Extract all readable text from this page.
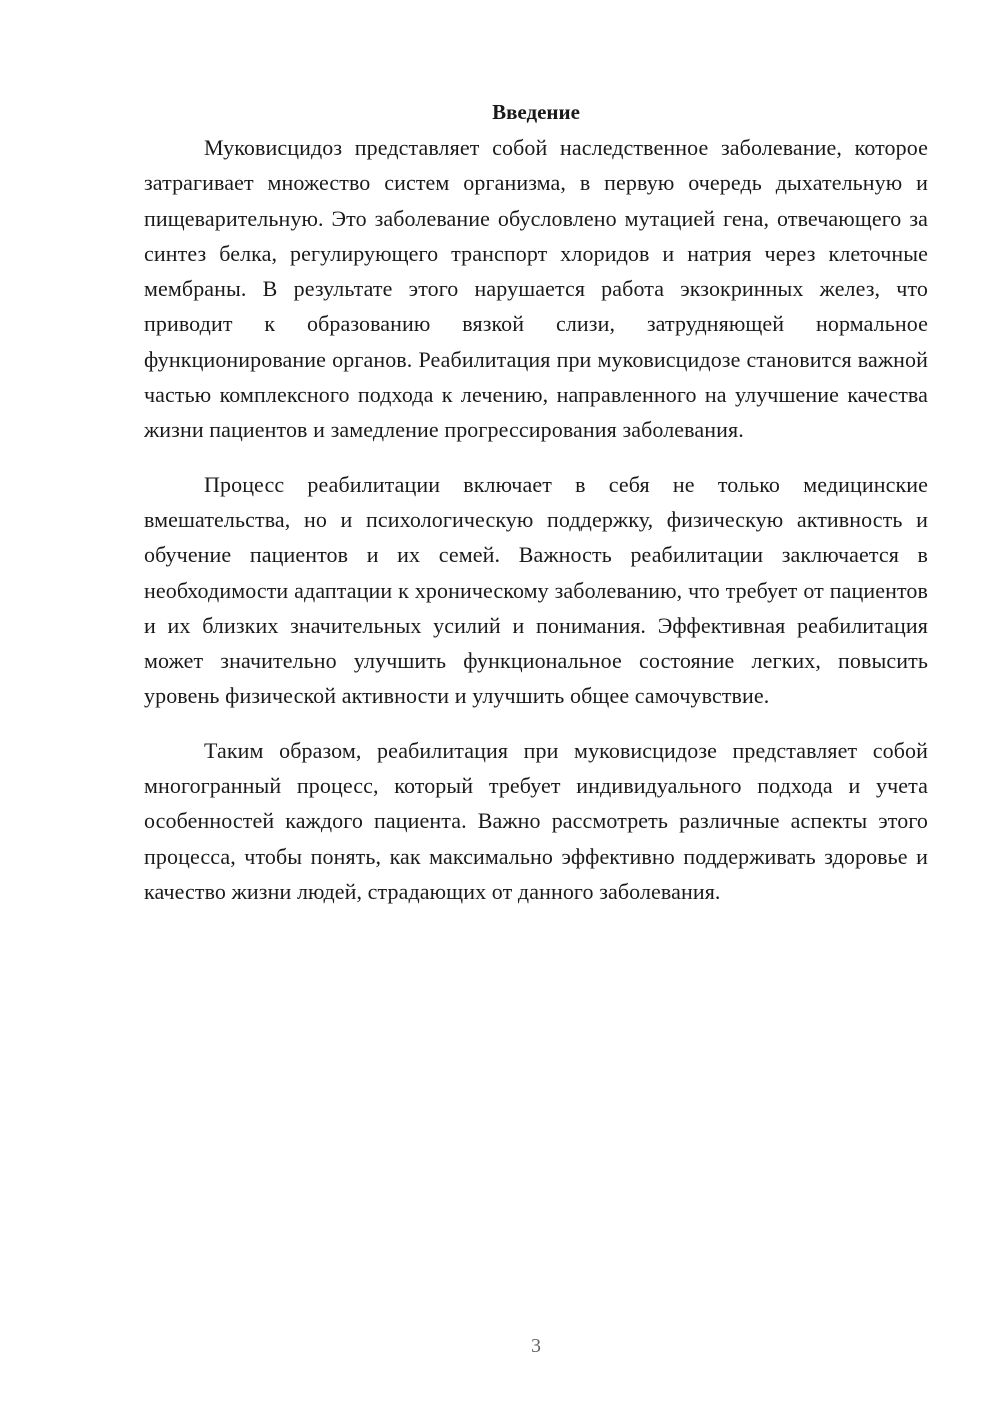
Введение

Муковисцидоз представляет собой наследственное заболевание, которое затрагивает множество систем организма, в первую очередь дыхательную и пищеварительную. Это заболевание обусловлено мутацией гена, отвечающего за синтез белка, регулирующего транспорт хлоридов и натрия через клеточные мембраны. В результате этого нарушается работа экзокринных желез, что приводит к образованию вязкой слизи, затрудняющей нормальное функционирование органов. Реабилитация при муковисцидозе становится важной частью комплексного подхода к лечению, направленного на улучшение качества жизни пациентов и замедление прогрессирования заболевания.

Процесс реабилитации включает в себя не только медицинские вмешательства, но и психологическую поддержку, физическую активность и обучение пациентов и их семей. Важность реабилитации заключается в необходимости адаптации к хроническому заболеванию, что требует от пациентов и их близких значительных усилий и понимания. Эффективная реабилитация может значительно улучшить функциональное состояние легких, повысить уровень физической активности и улучшить общее самочувствие.

Таким образом, реабилитация при муковисцидозе представляет собой многогранный процесс, который требует индивидуального подхода и учета особенностей каждого пациента. Важно рассмотреть различные аспекты этого процесса, чтобы понять, как максимально эффективно поддерживать здоровье и качество жизни людей, страдающих от данного заболевания.

3
